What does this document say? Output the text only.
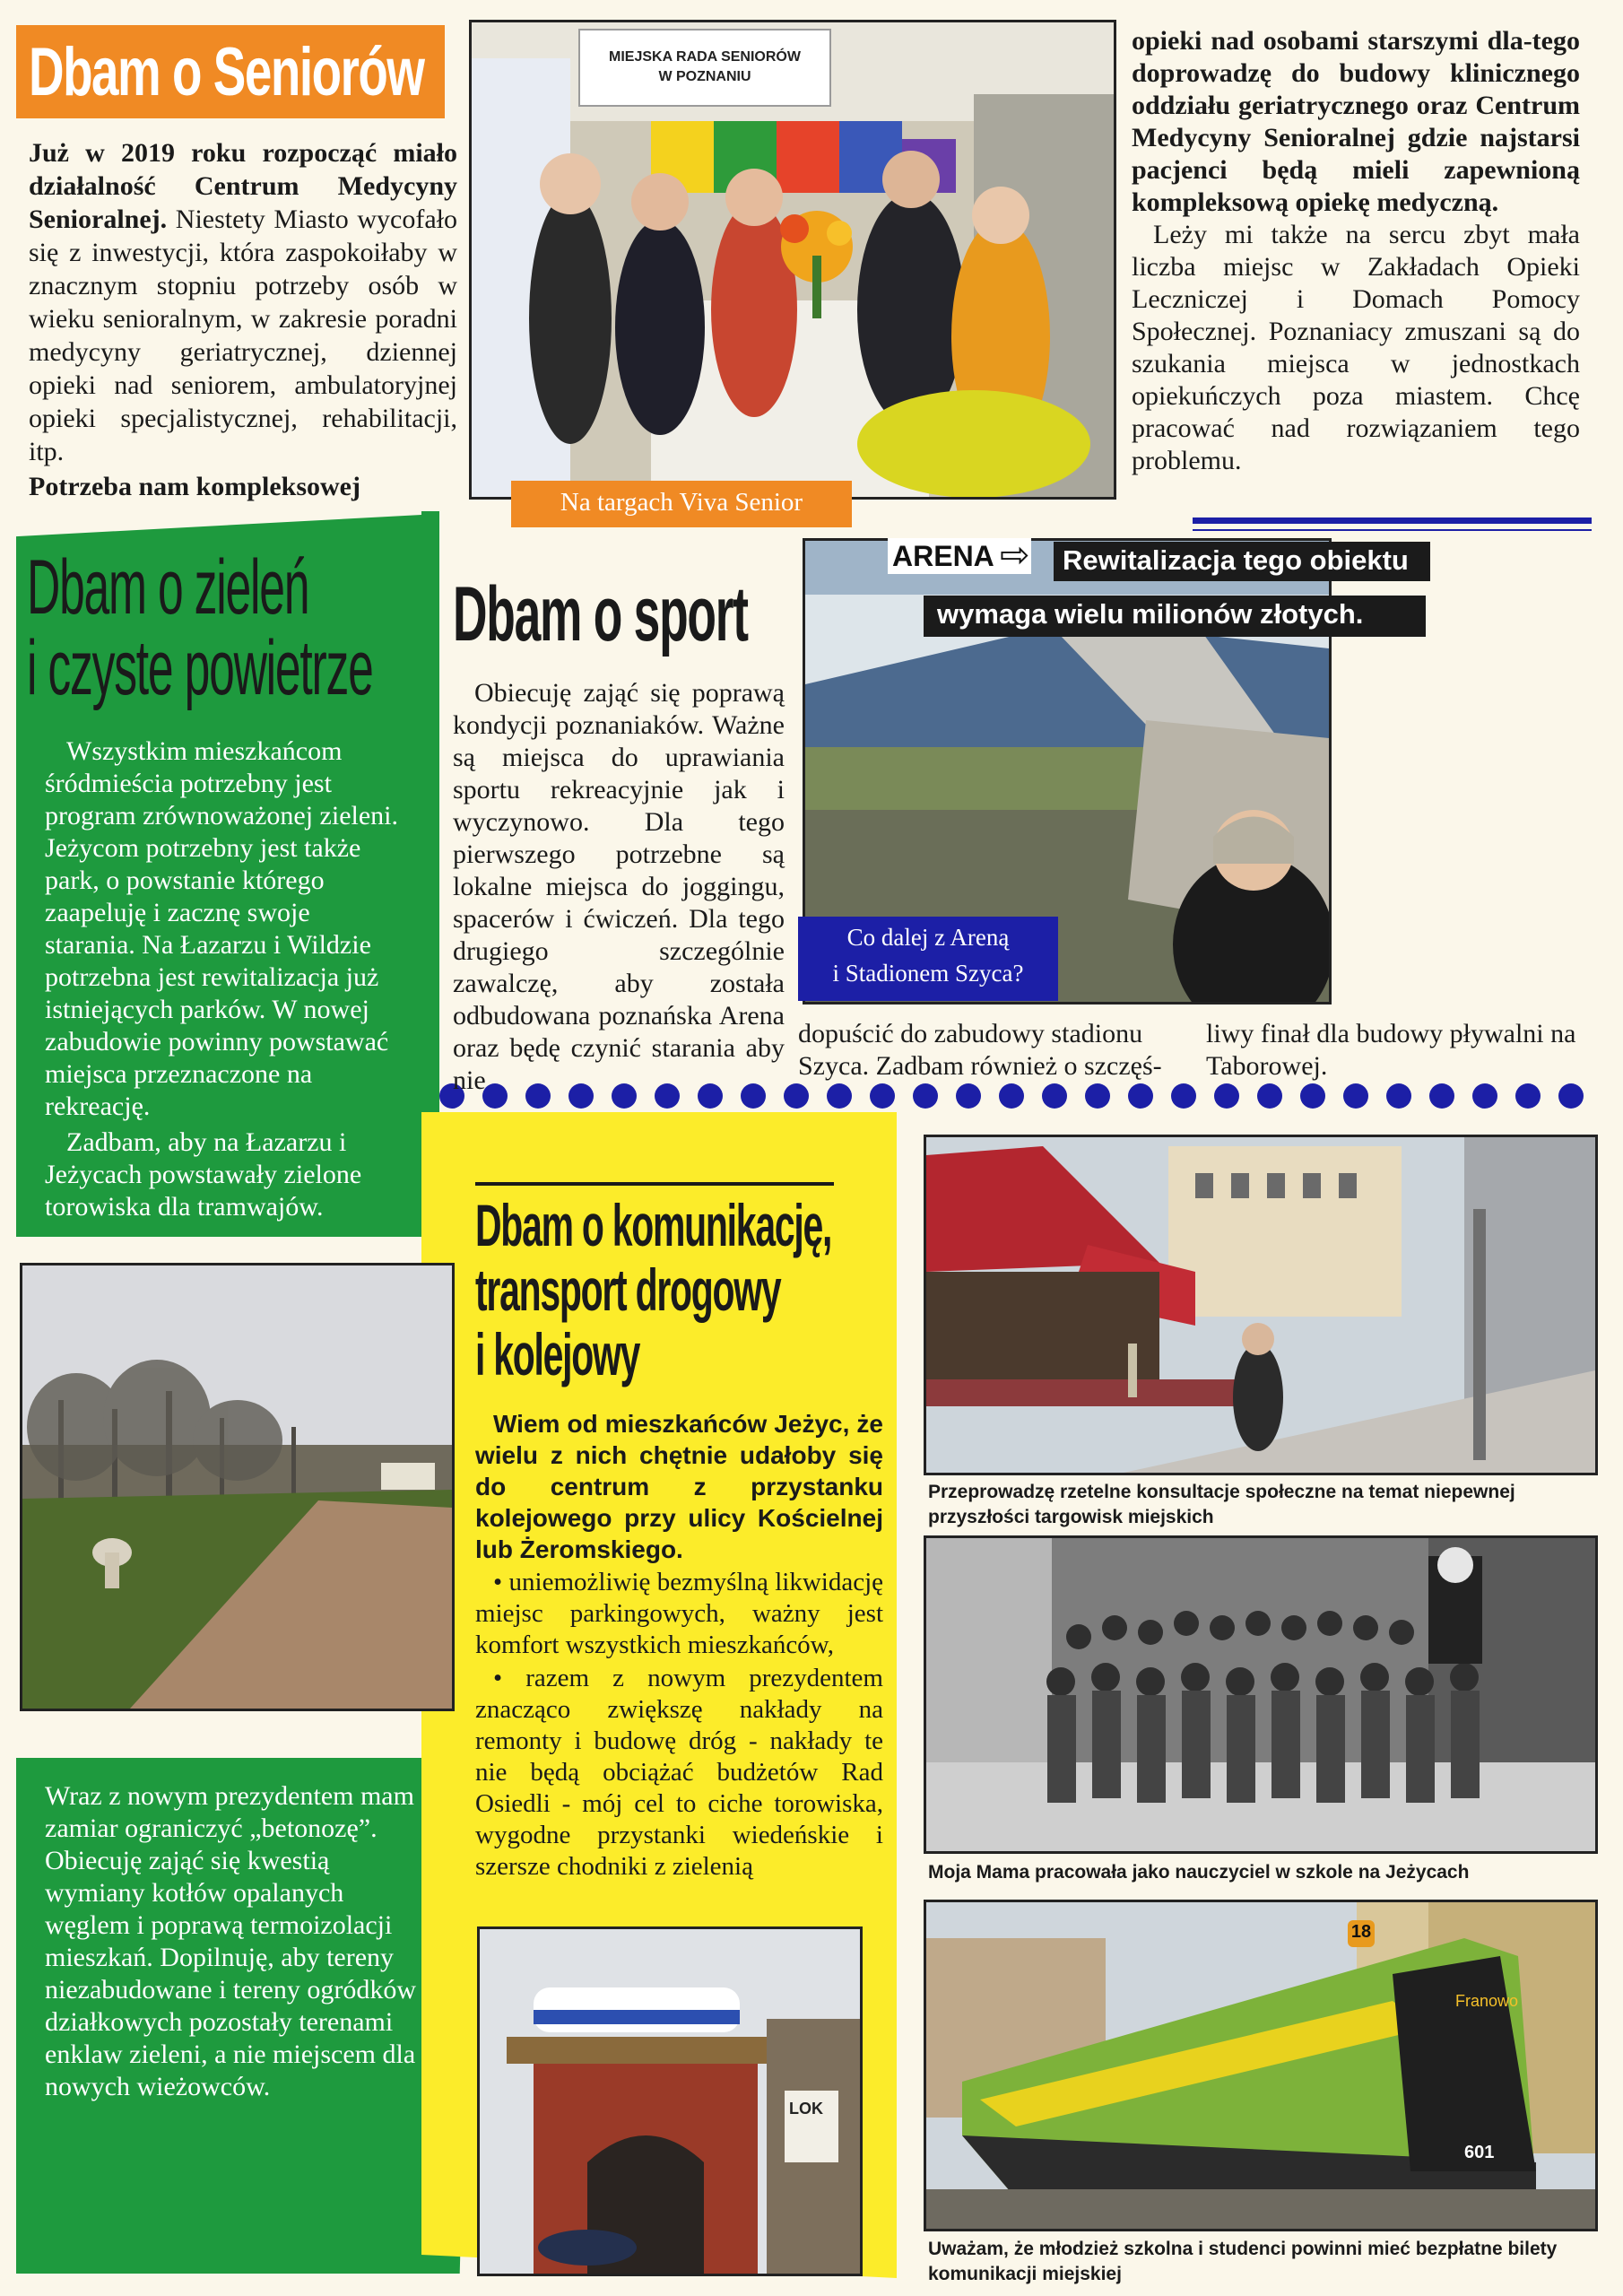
Dbam o Seniorów

Już w 2019 roku rozpocząć miało działalność Centrum Medycyny Senioralnej. Niestety Miasto wycofało się z inwestycji, która zaspokoiłaby w znacznym stopniu potrzeby osób w wieku senioralnym, w zakresie poradni medycyny geriatrycznej, dziennej opieki nad seniorem, ambulatoryjnej opieki specjalistycznej, rehabilitacji, itp.

Potrzeba nam kompleksowej

MIEJSKA RADA SENIORÓW
W POZNANIU
Na targach Viva Senior

opieki nad osobami starszymi dla-tego doprowadzę do budowy klinicznego oddziału geriatrycznego oraz Centrum Medycyny Senioralnej gdzie najstarsi pacjenci będą mieli zapewnioną kompleksową opiekę medyczną.

Leży mi także na sercu zbyt mała liczba miejsc w Zakładach Opieki Leczniczej i Domach Pomocy Społecznej. Poznaniacy zmuszani są do szukania miejsca w jednostkach opiekuńczych poza miastem. Chcę pracować nad rozwiązaniem tego problemu.

Dbam o zieleń
i czyste powietrze

Wszystkim mieszkańcom śródmieścia potrzebny jest program zrównoważonej zieleni. Jeżycom potrzebny jest także park, o powstanie którego zaapeluję i zacznę swoje starania. Na Łazarzu i Wildzie potrzebna jest rewitalizacja już istniejących parków. W nowej zabudowie powinny powstawać miejsca przeznaczone na rekreację.

Zadbam, aby na Łazarzu i Jeżycach powstawały zielone torowiska dla tramwajów.

Wraz z nowym prezydentem mam zamiar ograniczyć „betonozę”. Obiecuję zająć się kwestią wymiany kotłów opalanych węglem i poprawą termoizolacji mieszkań. Dopilnuję, aby tereny niezabudowane i tereny ogródków działkowych pozostały terenami enklaw zieleni, a nie miejscem dla nowych wieżowców.

Dbam o sport

Obiecuję zająć się poprawą kondycji poznaniaków. Ważne są miejsca do uprawiania sportu rekreacyjnie jak i wyczynowo. Dla tego pierwszego potrzebne są lokalne miejsca do joggingu, spacerów i ćwiczeń. Dla tego drugiego szczególnie zawalczę, aby została odbudowana poznańska Arena oraz będę czynić starania aby nie

ARENA ⇨ Rewitalizacja tego obiektu
wymaga wielu milionów złotych.
Co dalej z Areną
i Stadionem Szyca?

dopuścić do zabudowy stadionu Szyca. Zadbam również o szczęś-

liwy finał dla budowy pływalni na Taborowej.

Dbam o komunikację,
transport drogowy
i kolejowy

Wiem od mieszkańców Jeżyc, że wielu z nich chętnie udałoby się do centrum z przystanku kolejowego przy ulicy Kościelnej lub Żeromskiego.

• uniemożliwię bezmyślną likwidację miejsc parkingowych, ważny jest komfort wszystkich mieszkańców,

• razem z nowym prezydentem znacząco zwiększę nakłady na remonty i budowę dróg - nakłady te nie będą obciążać budżetów Rad Osiedli - mój cel to ciche torowiska, wygodne przystanki wiedeńskie i szersze chodniki z zielenią

LOK
Przeprowadzę rzetelne konsultacje społeczne na temat niepewnej przyszłości targowisk miejskich
Moja Mama pracowała jako nauczyciel w szkole na Jeżycach
18
Franowo
601
Uważam, że młodzież szkolna i studenci powinni mieć bezpłatne bilety komunikacji miejskiej
